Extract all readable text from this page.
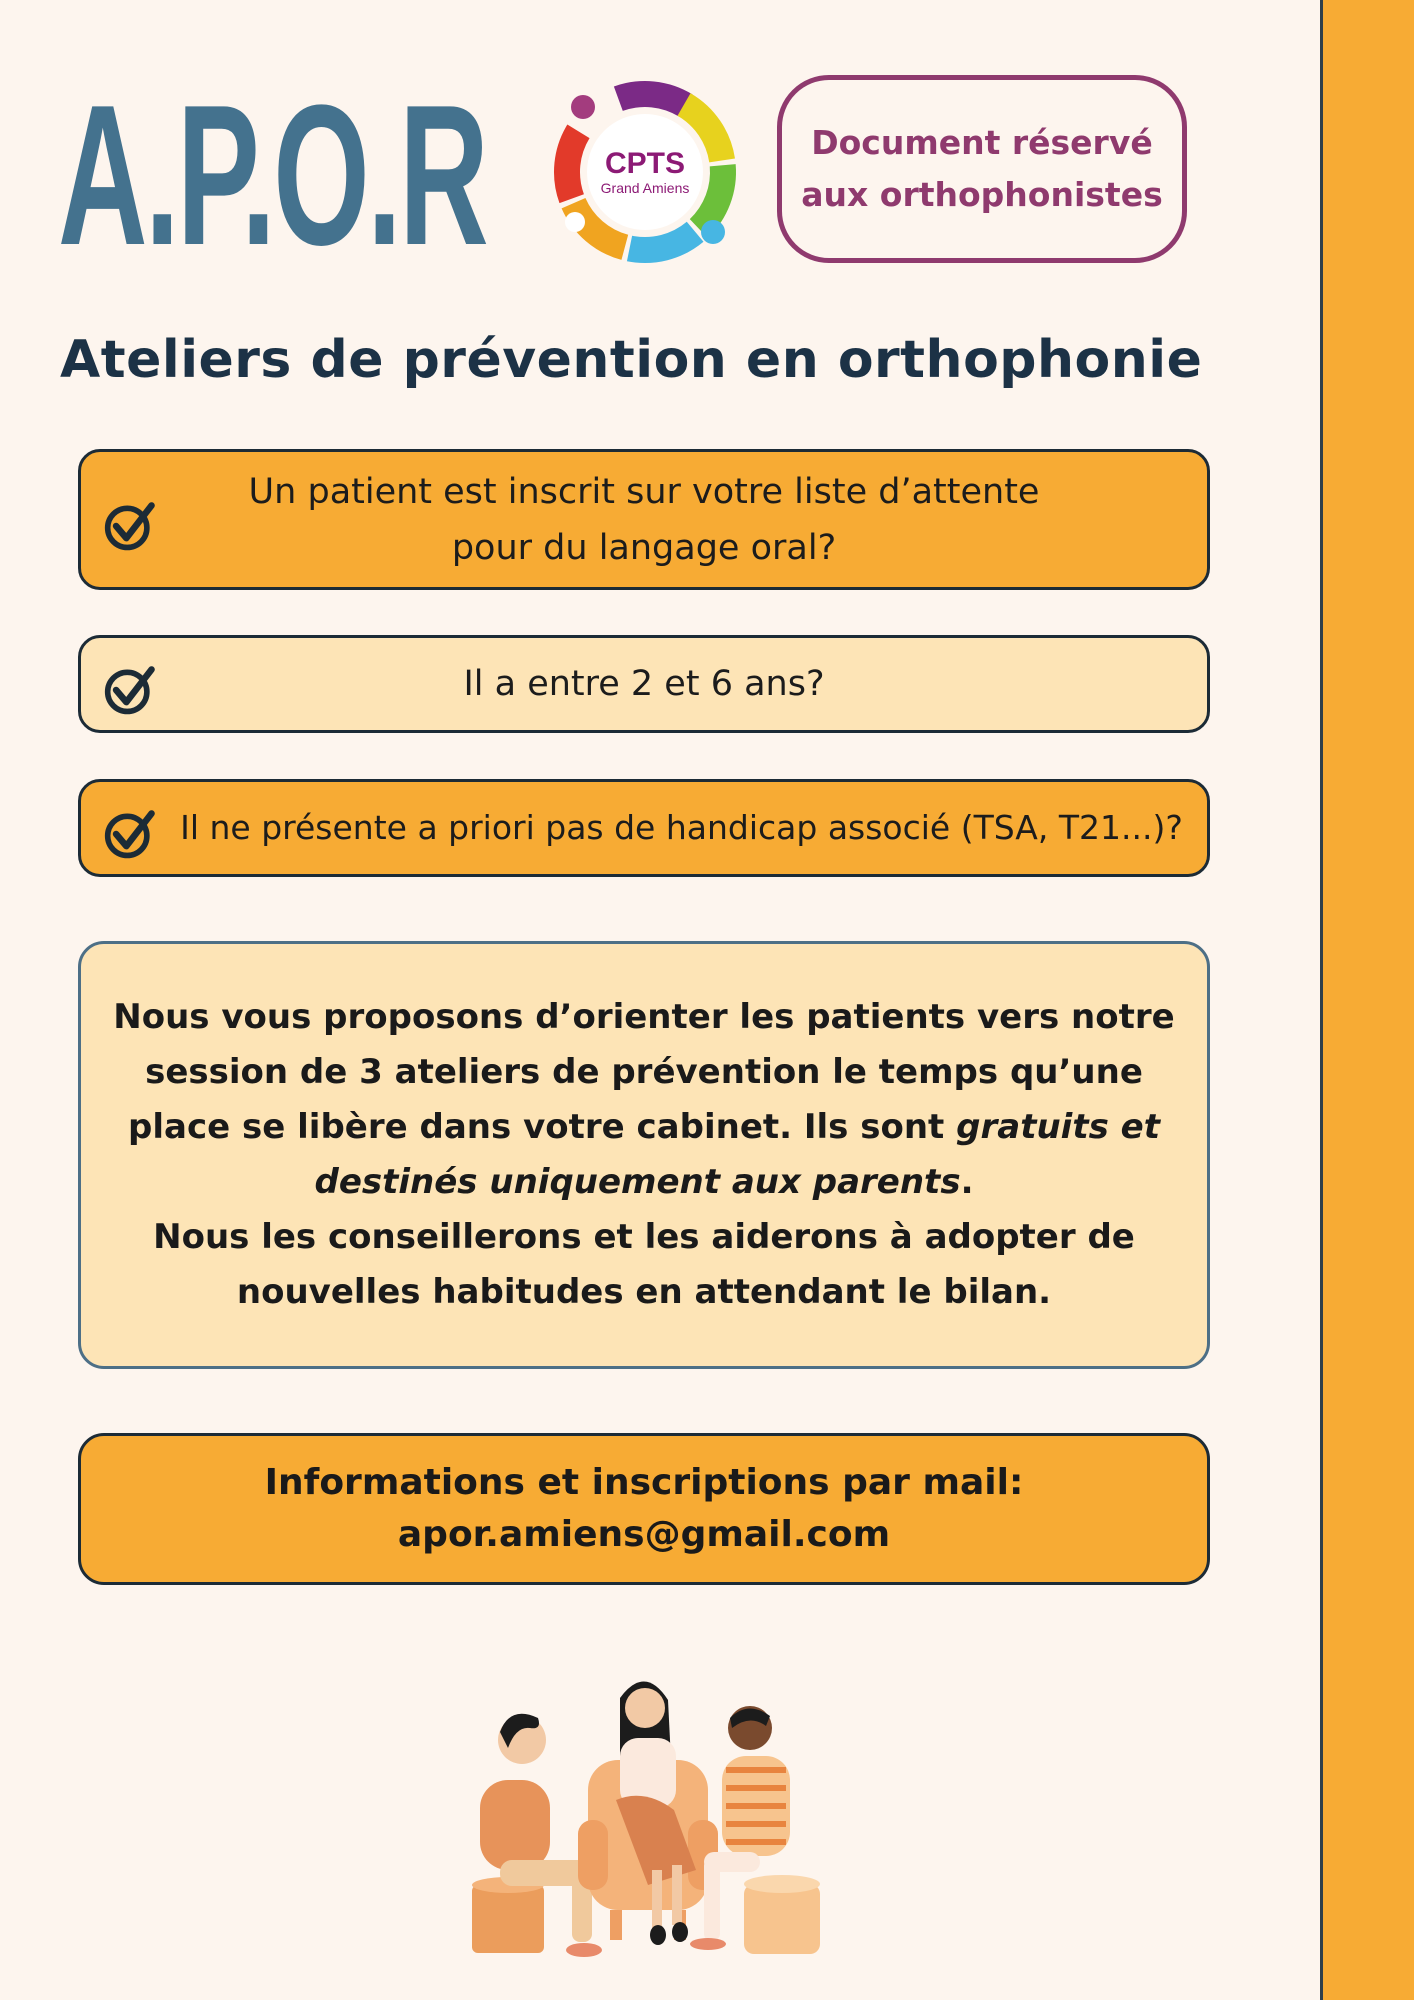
A.P.O.R	CPTS
Grand Amiens
Document réservé
aux orthophonistes
Ateliers de prévention en orthophonie
Un patient est inscrit sur votre liste d’attente
pour du langage oral?
Il a entre 2 et 6 ans?
Il ne présente a priori pas de handicap associé (TSA, T21...)?

Nous vous proposons d’orienter les patients vers notre session de 3 ateliers de prévention le temps qu’une place se libère dans votre cabinet. Ils sont gratuits et destinés uniquement aux parents.

Nous les conseillerons et les aiderons à adopter de nouvelles habitudes en attendant le bilan.

Informations et inscriptions par mail:
apor.amiens@gmail.com
